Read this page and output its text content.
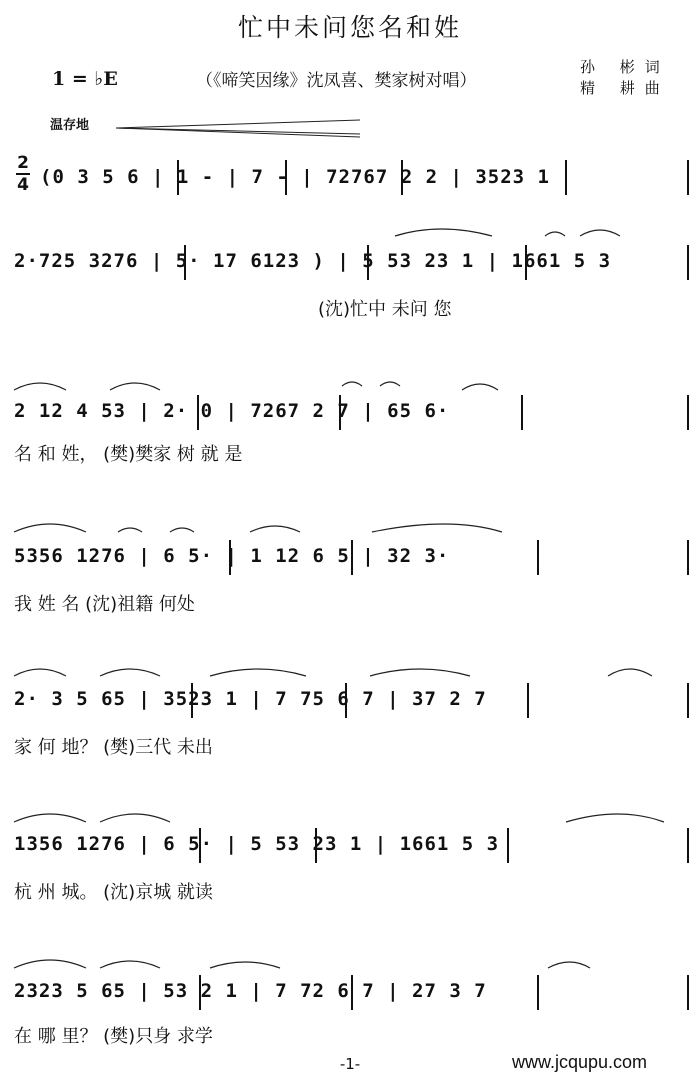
忙中未问您名和姓
1 = ♭E	（《啼笑因缘》沈凤喜、樊家树对唱）
孙 彬词
精 耕曲
温存地
2
4 (0 3 5 6 | 1 - | 7 - | 72767 2 2 | 3523 1
2·725 3276 | 5· 17 6123 ) | 5 53 23 1 | 1661 5 3
(沈)忙中 未问 您
2 12 4 53 | 2· 0 | 7267 2 7 | 65 6·
名 和 姓， (樊)樊家 树 就 是
5356 1276 | 6 5· | 1 12 6 5 | 32 3·
我 姓 名 (沈)祖籍 何处
2· 3 5 65 | 3523 1 | 7 75 6 7 | 37 2 7
家 何 地？ (樊)三代 未出
1356 1276 | 6 5· | 5 53 23 1 | 1661 5 3
杭 州 城。 (沈)京城 就读
2323 5 65 | 53 2 1 | 7 72 6 7 | 27 3 7
在 哪 里？ (樊)只身 求学
-1-	www.jcqupu.com
